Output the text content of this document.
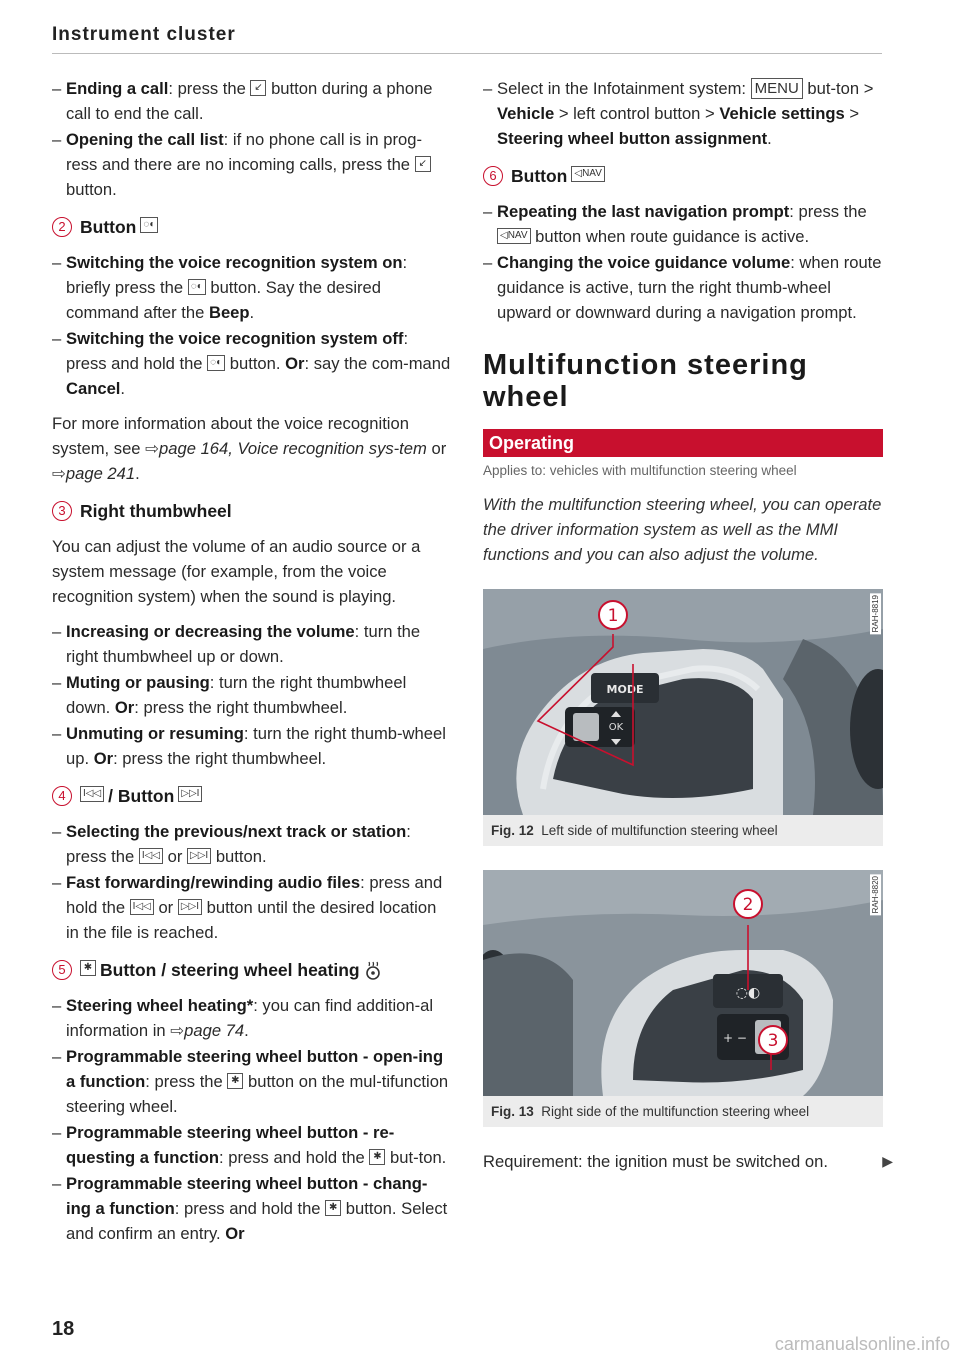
Instrument cluster
– Ending a call: press the ↙ button during a phone call to end the call.
– Opening the call list: if no phone call is in prog-ress and there are no incoming calls, press the ↙ button.
2 Button ◌◐
– Switching the voice recognition system on: briefly press the ◌◐ button. Say the desired command after the Beep.
– Switching the voice recognition system off: press and hold the ◌◐ button. Or: say the com-mand Cancel.
For more information about the voice recognition system, see ⇨page 164, Voice recognition sys-tem or ⇨page 241.
3 Right thumbwheel
You can adjust the volume of an audio source or a system message (for example, from the voice recognition system) when the sound is playing.
– Increasing or decreasing the volume: turn the right thumbwheel up or down.
– Muting or pausing: turn the right thumbwheel down. Or: press the right thumbwheel.
– Unmuting or resuming: turn the right thumb-wheel up. Or: press the right thumbwheel.
4	I◁◁ / Button ▷▷I
– Selecting the previous/next track or station: press the I◁◁ or ▷▷I button.
– Fast forwarding/rewinding audio files: press and hold the I◁◁ or ▷▷I button until the desired location in the file is reached.
5	✱ Button / steering wheel heating
– Steering wheel heating*: you can find addition-al information in ⇨page 74.
– Programmable steering wheel button - open-ing a function: press the ✱ button on the mul-tifunction steering wheel.
– Programmable steering wheel button - re-questing a function: press and hold the ✱ but-ton.
– Programmable steering wheel button - chang-ing a function: press and hold the ✱ button. Select and confirm an entry. Or
– Select in the Infotainment system: MENU but-ton > Vehicle > left control button > Vehicle settings > Steering wheel button assignment.
6 Button ◁NAV
– Repeating the last navigation prompt: press the ◁NAV button when route guidance is active.
– Changing the voice guidance volume: when route guidance is active, turn the right thumb-wheel upward or downward during a navigation prompt.
Multifunction steering wheel
Operating
Applies to: vehicles with multifunction steering wheel
With the multifunction steering wheel, you can operate the driver information system as well as the MMI functions and you can also adjust the volume.
MODE
OK
1	RAH-8819
Fig. 12 Left side of multifunction steering wheel
◌◐
+ −
2
3
RAH-8820
Fig. 13 Right side of the multifunction steering wheel
Requirement: the ignition must be switched on.	▶
18
carmanualsonline.info
